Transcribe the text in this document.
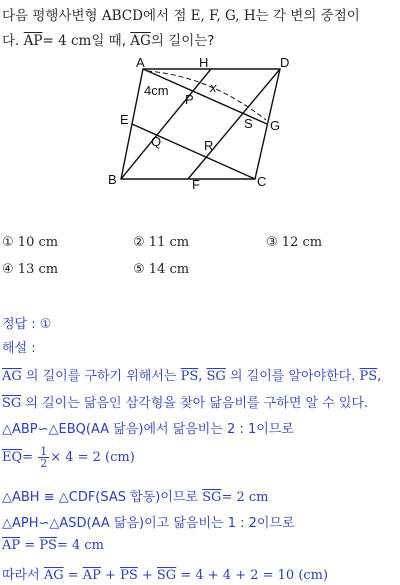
다음 평행사변형 ABCD에서 점 E, F, G, H는 각 변의 중점이
다. $\overline{AP}= 4$ cm일 때, $\overline{AG}$의 길이는?
A	H	D
x
4cm
P
E	S G
Q	R
B	F	C
① 10 cm	② 11 cm	③ 12 cm
④ 13 cm	⑤ 14 cm
정답 : ①
해설 :
$\overline{AG}$ 의 길이를 구하기 위해서는 $\overline{PS}$, $\overline{SG}$ 의 길이를 알아야한다. $\overline{PS}$,
$\overline{SG}$ 의 길이는 닮음인 삼각형을 찾아 닮음비를 구하면 알 수 있다.
△ABP∽△EBQ(AA 닮음)에서 닮음비는 2 : 1이므로
$\overline{EQ}= \frac{1}{2} \times 4 = 2$ (cm)
△ABH ≡ △CDF(SAS 합동)이므로 $\overline{SG}= 2$ cm
△APH∽△ASD(AA 닮음)이고 닮음비는 1 : 2이므로
$\overline{AP} = \overline{PS}= 4$ cm
따라서 $\overline{AG} = \overline{AP} + \overline{PS} + \overline{SG} = 4 + 4 + 2 = 10$ (cm)
